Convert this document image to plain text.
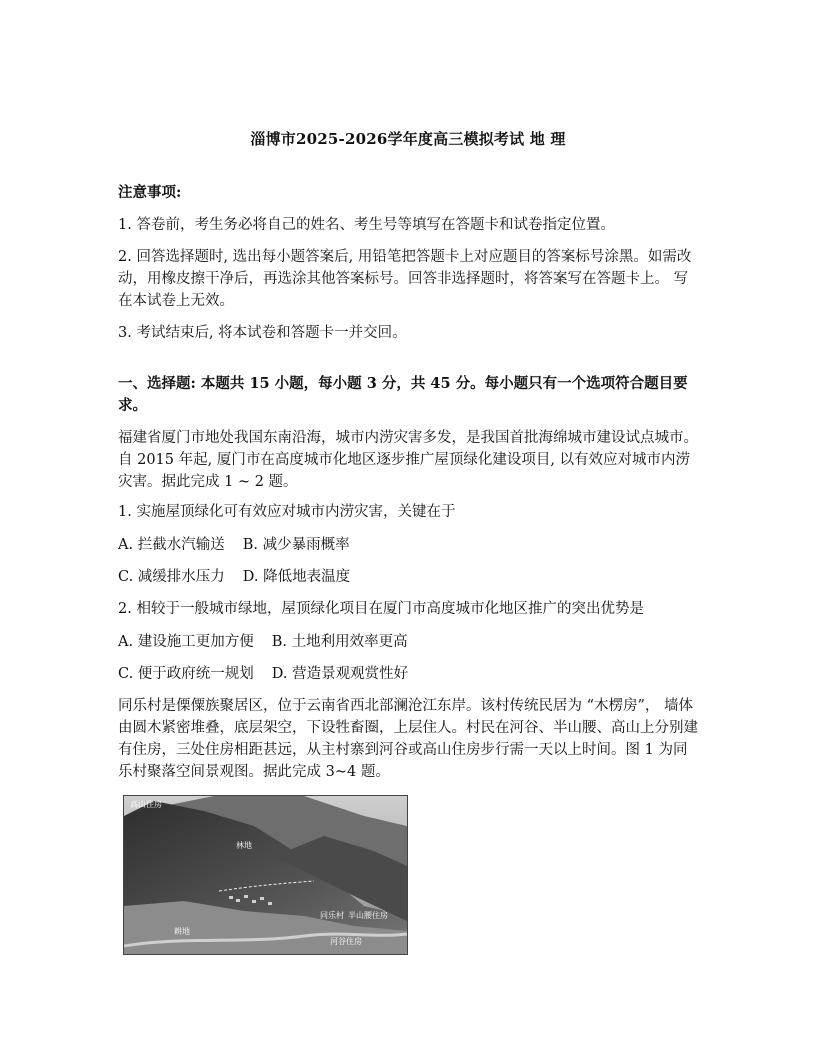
淄博市2025-2026学年度高三模拟考试 地 理
注意事项:
1. 答卷前，考生务必将自己的姓名、考生号等填写在答题卡和试卷指定位置。
2. 回答选择题时, 选出每小题答案后, 用铅笔把答题卡上对应题目的答案标号涂黑。如需改动，用橡皮擦干净后，再选涂其他答案标号。回答非选择题时，将答案写在答题卡上。 写在本试卷上无效。
3. 考试结束后, 将本试卷和答题卡一并交回。
一、选择题: 本题共 15 小题，每小题 3 分，共 45 分。每小题只有一个选项符合题目要求。
福建省厦门市地处我国东南沿海，城市内涝灾害多发，是我国首批海绵城市建设试点城市。自 2015 年起, 厦门市在高度城市化地区逐步推广屋顶绿化建设项目, 以有效应对城市内涝灾害。据此完成 1 ~ 2 题。
1. 实施屋顶绿化可有效应对城市内涝灾害，关键在于
A. 拦截水汽输送 B. 减少暴雨概率
C. 减缓排水压力 D. 降低地表温度
2. 相较于一般城市绿地，屋顶绿化项目在厦门市高度城市化地区推广的突出优势是
A. 建设施工更加方便 B. 土地利用效率更高
C. 便于政府统一规划 D. 营造景观观赏性好
同乐村是傈僳族聚居区，位于云南省西北部澜沧江东岸。该村传统民居为 “木楞房”， 墙体由圆木紧密堆叠，底层架空，下设牲畜圈，上层住人。村民在河谷、半山腰、高山上分别建有住房，三处住房相距甚远，从主村寨到河谷或高山住房步行需一天以上时间。图 1 为同乐村聚落空间景观图。据此完成 3~4 题。
高山住房
林地
同乐村 半山腰住房
耕地
河谷住房
